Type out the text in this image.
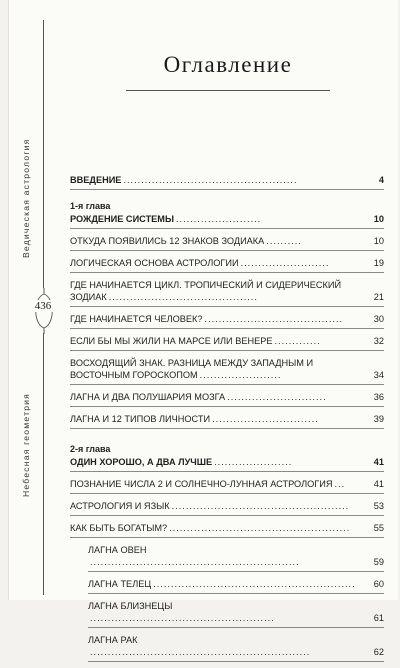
Ведическая астрология
436
Небесная геометрия
Оглавление
ВВЕДЕНИЕ .................................................	4
1-я глава
РОЖДЕНИЕ СИСТЕМЫ ........................	10
ОТКУДА ПОЯВИЛИСЬ 12 ЗНАКОВ ЗОДИАКА ..........	10
ЛОГИЧЕСКАЯ ОСНОВА АСТРОЛОГИИ .........................	19
ГДЕ НАЧИНАЕТСЯ ЦИКЛ. ТРОПИЧЕСКИЙ И СИДЕРИЧЕСКИЙ ЗОДИАК ..........................................	21
ГДЕ НАЧИНАЕТСЯ ЧЕЛОВЕК? .......................................	30
ЕСЛИ БЫ МЫ ЖИЛИ НА МАРСЕ ИЛИ ВЕНЕРЕ .............	32
ВОСХОДЯЩИЙ ЗНАК. РАЗНИЦА МЕЖДУ ЗАПАДНЫМ И ВОСТОЧНЫМ ГОРОСКОПОМ .......................	34
ЛАГНА И ДВА ПОЛУШАРИЯ МОЗГА ............................	36
ЛАГНА И 12 ТИПОВ ЛИЧНОСТИ ..............................	39
2-я глава
ОДИН ХОРОШО, А ДВА ЛУЧШЕ ......................	41
ПОЗНАНИЕ ЧИСЛА 2 И СОЛНЕЧНО-ЛУННАЯ АСТРОЛОГИЯ ...	41
АСТРОЛОГИЯ И ЯЗЫК ..................................................	53
КАК БЫТЬ БОГАТЫМ? ...................................................	55
ЛАГНА ОВЕН...........................................................	59
ЛАГНА ТЕЛЕЦ .........................................................	60
ЛАГНА БЛИЗНЕЦЫ....................................................	61
ЛАГНА РАК..............................................................	62
